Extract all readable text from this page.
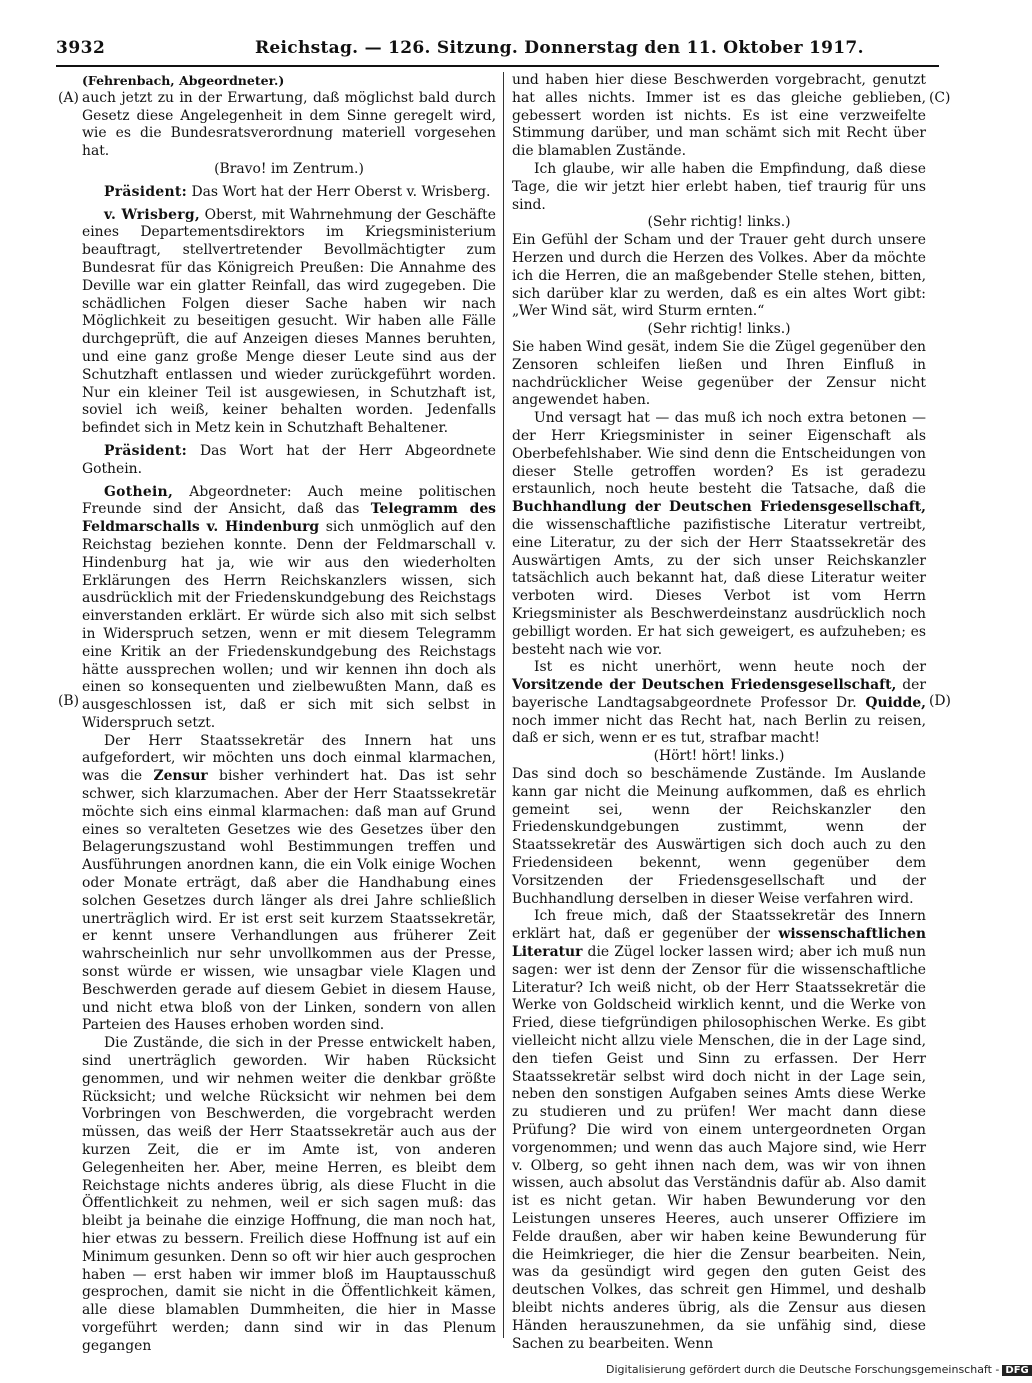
3932	Reichstag. — 126. Sitzung. Donnerstag den 11. Oktober 1917.
(A)
(B)
(C)
(D)

(Fehrenbach, Abgeordneter.)

auch jetzt zu in der Erwartung, daß möglichst bald durch Gesetz diese Angelegenheit in dem Sinne geregelt wird, wie es die Bundesratsverordnung materiell vorgesehen hat.

(Bravo! im Zentrum.)

Präsident: Das Wort hat der Herr Oberst v. Wrisberg.

v. Wrisberg, Oberst, mit Wahrnehmung der Geschäfte eines Departementsdirektors im Kriegsministerium beauftragt, stellvertretender Bevollmächtigter zum Bundesrat für das Königreich Preußen: Die Annahme des Deville war ein glatter Reinfall, das wird zugegeben. Die schädlichen Folgen dieser Sache haben wir nach Möglichkeit zu beseitigen gesucht. Wir haben alle Fälle durchgeprüft, die auf Anzeigen dieses Mannes beruhten, und eine ganz große Menge dieser Leute sind aus der Schutzhaft entlassen und wieder zurückgeführt worden. Nur ein kleiner Teil ist ausgewiesen, in Schutzhaft ist, soviel ich weiß, keiner behalten worden. Jedenfalls befindet sich in Metz kein in Schutzhaft Behaltener.

Präsident: Das Wort hat der Herr Abgeordnete Gothein.

Gothein, Abgeordneter: Auch meine politischen Freunde sind der Ansicht, daß das Telegramm des Feldmarschalls v. Hindenburg sich unmöglich auf den Reichstag beziehen konnte. Denn der Feldmarschall v. Hindenburg hat ja, wie wir aus den wiederholten Erklärungen des Herrn Reichskanzlers wissen, sich ausdrücklich mit der Friedenskundgebung des Reichstags einverstanden erklärt. Er würde sich also mit sich selbst in Widerspruch setzen, wenn er mit diesem Telegramm eine Kritik an der Friedenskundgebung des Reichstags hätte aussprechen wollen; und wir kennen ihn doch als einen so konsequenten und zielbewußten Mann, daß es ausgeschlossen ist, daß er sich mit sich selbst in Widerspruch setzt.

Der Herr Staatssekretär des Innern hat uns aufgefordert, wir möchten uns doch einmal klarmachen, was die Zensur bisher verhindert hat. Das ist sehr schwer, sich klarzumachen. Aber der Herr Staatssekretär möchte sich eins einmal klarmachen: daß man auf Grund eines so veralteten Gesetzes wie des Gesetzes über den Belagerungszustand wohl Bestimmungen treffen und Ausführungen anordnen kann, die ein Volk einige Wochen oder Monate erträgt, daß aber die Handhabung eines solchen Gesetzes durch länger als drei Jahre schließlich unerträglich wird. Er ist erst seit kurzem Staatssekretär, er kennt unsere Verhandlungen aus früherer Zeit wahrscheinlich nur sehr unvollkommen aus der Presse, sonst würde er wissen, wie unsagbar viele Klagen und Beschwerden gerade auf diesem Gebiet in diesem Hause, und nicht etwa bloß von der Linken, sondern von allen Parteien des Hauses erhoben worden sind.

Die Zustände, die sich in der Presse entwickelt haben, sind unerträglich geworden. Wir haben Rücksicht genommen, und wir nehmen weiter die denkbar größte Rücksicht; und welche Rücksicht wir nehmen bei dem Vorbringen von Beschwerden, die vorgebracht werden müssen, das weiß der Herr Staatssekretär auch aus der kurzen Zeit, die er im Amte ist, von anderen Gelegenheiten her. Aber, meine Herren, es bleibt dem Reichstage nichts anderes übrig, als diese Flucht in die Öffentlichkeit zu nehmen, weil er sich sagen muß: das bleibt ja beinahe die einzige Hoffnung, die man noch hat, hier etwas zu bessern. Freilich diese Hoffnung ist auf ein Minimum gesunken. Denn so oft wir hier auch gesprochen haben — erst haben wir immer bloß im Hauptausschuß gesprochen, damit sie nicht in die Öffentlichkeit kämen, alle diese blamablen Dummheiten, die hier in Masse vorgeführt werden; dann sind wir in das Plenum gegangen

und haben hier diese Beschwerden vorgebracht, genutzt hat alles nichts. Immer ist es das gleiche geblieben, gebessert worden ist nichts. Es ist eine verzweifelte Stimmung darüber, und man schämt sich mit Recht über die blamablen Zustände.

Ich glaube, wir alle haben die Empfindung, daß diese Tage, die wir jetzt hier erlebt haben, tief traurig für uns sind.

(Sehr richtig! links.)

Ein Gefühl der Scham und der Trauer geht durch unsere Herzen und durch die Herzen des Volkes. Aber da möchte ich die Herren, die an maßgebender Stelle stehen, bitten, sich darüber klar zu werden, daß es ein altes Wort gibt: „Wer Wind sät, wird Sturm ernten.“

(Sehr richtig! links.)

Sie haben Wind gesät, indem Sie die Zügel gegenüber den Zensoren schleifen ließen und Ihren Einfluß in nachdrücklicher Weise gegenüber der Zensur nicht angewendet haben.

Und versagt hat — das muß ich noch extra betonen — der Herr Kriegsminister in seiner Eigenschaft als Oberbefehlshaber. Wie sind denn die Entscheidungen von dieser Stelle getroffen worden? Es ist geradezu erstaunlich, noch heute besteht die Tatsache, daß die Buchhandlung der Deutschen Friedensgesellschaft, die wissenschaftliche pazifistische Literatur vertreibt, eine Literatur, zu der sich der Herr Staatssekretär des Auswärtigen Amts, zu der sich unser Reichskanzler tatsächlich auch bekannt hat, daß diese Literatur weiter verboten wird. Dieses Verbot ist vom Herrn Kriegsminister als Beschwerdeinstanz ausdrücklich noch gebilligt worden. Er hat sich geweigert, es aufzuheben; es besteht nach wie vor.

Ist es nicht unerhört, wenn heute noch der Vorsitzende der Deutschen Friedensgesellschaft, der bayerische Landtagsabgeordnete Professor Dr. Quidde, noch immer nicht das Recht hat, nach Berlin zu reisen, daß er sich, wenn er es tut, strafbar macht!

(Hört! hört! links.)

Das sind doch so beschämende Zustände. Im Auslande kann gar nicht die Meinung aufkommen, daß es ehrlich gemeint sei, wenn der Reichskanzler den Friedenskundgebungen zustimmt, wenn der Staatssekretär des Auswärtigen sich doch auch zu den Friedensideen bekennt, wenn gegenüber dem Vorsitzenden der Friedensgesellschaft und der Buchhandlung derselben in dieser Weise verfahren wird.

Ich freue mich, daß der Staatssekretär des Innern erklärt hat, daß er gegenüber der wissenschaftlichen Literatur die Zügel locker lassen wird; aber ich muß nun sagen: wer ist denn der Zensor für die wissenschaftliche Literatur? Ich weiß nicht, ob der Herr Staatssekretär die Werke von Goldscheid wirklich kennt, und die Werke von Fried, diese tiefgründigen philosophischen Werke. Es gibt vielleicht nicht allzu viele Menschen, die in der Lage sind, den tiefen Geist und Sinn zu erfassen. Der Herr Staatssekretär selbst wird doch nicht in der Lage sein, neben den sonstigen Aufgaben seines Amts diese Werke zu studieren und zu prüfen! Wer macht dann diese Prüfung? Die wird von einem untergeordneten Organ vorgenommen; und wenn das auch Majore sind, wie Herr v. Olberg, so geht ihnen nach dem, was wir von ihnen wissen, auch absolut das Verständnis dafür ab. Also damit ist es nicht getan. Wir haben Bewunderung vor den Leistungen unseres Heeres, auch unserer Offiziere im Felde draußen, aber wir haben keine Bewunderung für die Heimkrieger, die hier die Zensur bearbeiten. Nein, was da gesündigt wird gegen den guten Geist des deutschen Volkes, das schreit gen Himmel, und deshalb bleibt nichts anderes übrig, als die Zensur aus diesen Händen herauszunehmen, da sie unfähig sind, diese Sachen zu bearbeiten. Wenn

Digitalisierung gefördert durch die Deutsche Forschungsgemeinschaft - DFG
